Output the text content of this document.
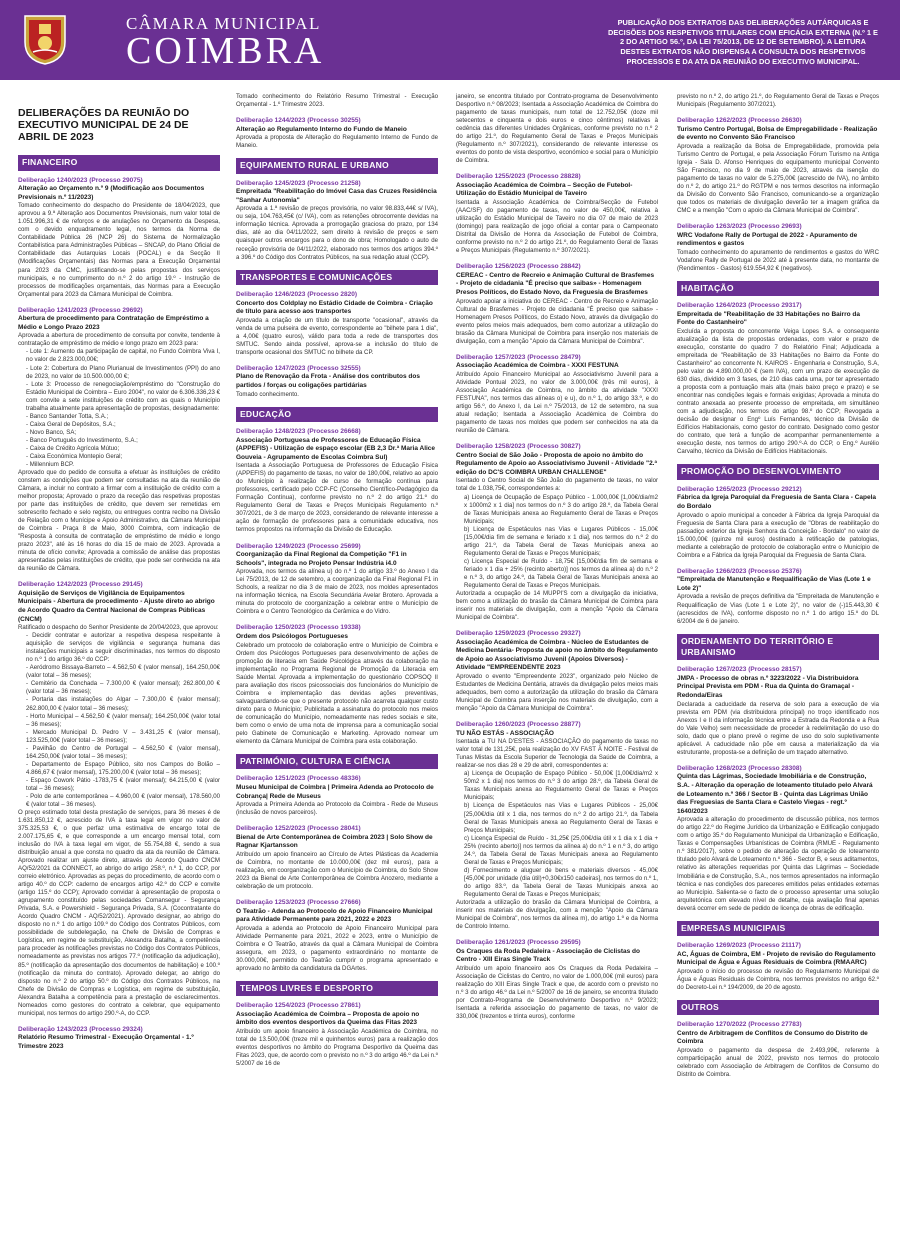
CÂMARA MUNICIPAL
COIMBRA
PUBLICAÇÃO DOS EXTRATOS DAS DELIBERAÇÕES AUTÁRQUICAS E DECISÕES DOS RESPETIVOS TITULARES COM EFICÁCIA EXTERNA (N.º 1 E 2 DO ARTIGO 56.º, DA LEI 75/2013, DE 12 DE SETEMBRO). A LEITURA DESTES EXTRATOS NÃO DISPENSA A CONSULTA DOS RESPETIVOS PROCESSOS E DA ATA DA REUNIÃO DO EXECUTIVO MUNICIPAL.
DELIBERAÇÕES DA REUNIÃO DO EXECUTIVO MUNICIPAL DE 24 DE ABRIL DE 2023
FINANCEIRO
Deliberação 1240/2023 (Processo 29075)
Alteração ao Orçamento n.º 9 (Modificação aos Documentos Previsionais n.º 11/2023)
Tomado conhecimento do despacho do Presidente de 18/04/2023, que aprovou a 9.ª Alteração aos Documentos Previsionais, num valor total de 1.051.996,31 € de reforços e de anulações no Orçamento da Despesa, com o devido enquadramento legal, nos termos da Norma de Contabilidade Pública 26 (NCP 26) do Sistema de Normalização Contabilística para Administrações Públicas – SNCAP, do Plano Oficial de Contabilidade das Autarquias Locais (POCAL) e da Secção II (Modificações Orçamentais) das Normas para a Execução Orçamental para 2023 da CMC, justificando-se pelas propostas dos serviços municipais, e no cumprimento do n.º 2 do artigo 19.º - Instrução de processos de modificações orçamentais, das Normas para a Execução Orçamental para 2023 da Câmara Municipal de Coimbra.
Deliberação 1241/2023 (Processo 29692)
Abertura de procedimento para Contratação de Empréstimo a Médio e Longo Prazo 2023
Aprovada a abertura de procedimento de consulta por convite, tendente à contratação de empréstimo de médio e longo prazo em 2023 para:
- Lote 1: Aumento da participação de capital, no Fundo Coimbra Viva I, no valor de 2.823.000,00€;
- Lote 2: Cobertura do Plano Plurianual de Investimentos (PPI) do ano de 2023, no valor de 10.500.000,00 €;
- Lote 3: Processo de renegociação/empréstimo do "Construção do Estádio Municipal de Coimbra – Euro 2004", no valor de 6.306.336,23 € com convite a sete instituições de crédito com as quais o Município trabalha atualmente para apresentação de propostas, designadamente:
- Banco Santander Totta, S.A.;
- Caixa Geral de Depósitos, S.A.;
- Novo Banco, SA;
- Banco Português do Investimento, S.A.;
- Caixa de Crédito Agrícola Mútuo;
- Caixa Económica Montepio Geral;
- Millennium BCP.
Aprovado que do pedido de consulta a efetuar às instituições de crédito constem as condições que podem ser consultadas na ata da reunião de Câmara, a incluir no contrato a firmar com a instituição de crédito com a melhor proposta; Aprovado o prazo da receção das respetivas propostas por parte das instituições de crédito, que devem ser remetidas em sobrescrito fechado e selo registo, ou entregues contra recibo na Divisão de Relação com o Munícipe e Apoio Administrativo, da Câmara Municipal de Coimbra - Praça 8 de Maio, 3000 Coimbra, com indicação de "Resposta à consulta de contratação de empréstimo de médio e longo prazo 2023", até às 16 horas do dia 15 de maio de 2023. Aprovada a minuta de ofício convite; Aprovada a comissão de análise das propostas apresentadas pelas instituições de crédito, que pode ser conhecida na ata da reunião de Câmara.
Deliberação 1242/2023 (Processo 29145)
Aquisição de Serviços de Vigilância de Equipamentos Municipais - Abertura de procedimento - Ajuste direto ao abrigo de Acordo Quadro da Central Nacional de Compras Públicas (CNCM)
Ratificado o despacho do Senhor Presidente de 20/04/2023, que aprovou:
- Decidir contratar e autorizar a respetiva despesa respeitante à aquisição de serviços de vigilância e segurança humana das instalações municipais a seguir discriminadas, nos termos do disposto no n.º 1 do artigo 36.º do CCP:
- Aeródromo Bissaya-Barreto – 4.562,50 € (valor mensal), 164.250,00€ (valor total – 36 meses);
- Cemitério da Conchada – 7.300,00 € (valor mensal); 262.800,00 € (valor total – 36 meses);
- Portaria das instalações do Algar – 7.300,00 € (valor mensal); 262.800,00 € (valor total – 36 meses);
- Horto Municipal – 4.562,50 € (valor mensal); 164.250,00€ (valor total – 36 meses);
- Mercado Municipal D. Pedro V – 3.431,25 € (valor mensal), 123.525,00€ (valor total – 36 meses);
- Pavilhão do Centro de Portugal – 4.562,50 € (valor mensal), 164.250,00€ (valor total – 36 meses);
- Departamento de Espaço Público, sito nos Campos do Bolão – 4.866,67 € (valor mensal), 175.200,00 € (valor total – 36 meses);
- Espaço Cowork Pátio -1783,75 € (valor mensal); 64.215,00 € (valor total – 36 meses);
- Polo de arte contemporânea – 4.960,00 € (valor mensal), 178.560,00 € (valor total – 36 meses).
O preço estimado total desta prestação de serviços, para 36 meses é de 1.631.850,12 €, acrescido de IVA à taxa legal em vigor no valor de 375.325,53 €, o que perfaz uma estimativa de encargo total de 2.007.175,65 €, e que corresponde a um encargo mensal total, com inclusão do IVA à taxa legal em vigor, de 55.754,88 €, sendo a sua distribuição anual a que consta no quadro da ata da reunião de Câmara. Aprovado realizar um ajuste direto, através do Acordo Quadro CNCM AQ/52/2021 da CONNECT, ao abrigo do artigo 258.º, n.º 1, do CCP, por correio eletrónico. Aprovadas as peças do procedimento, de acordo com o artigo 40.º do CCP: caderno de encargos artigo 42.º do CCP e convite (artigo 115.º do CCP); Aprovado convidar à apresentação de proposta o agrupamento constituído pelas sociedades Comansegur - Segurança Privada, S.A. e Powershield - Segurança Privada, S.A. (Cocontratante do Acordo Quadro CNCM - AQ/52/2021). Aprovado designar, ao abrigo do disposto no n.º 1 do artigo 109.º do Código dos Contratos Públicos, com possibilidade de subdelegação, na Chefe de Divisão de Compras e Logística, em regime de substituição, Alexandra Batalha, a competência para proceder às notificações previstas no Código dos Contratos Públicos, nomeadamente as previstas nos artigos 77.º (notificação da adjudicação), 85.º (notificação da apresentação dos documentos de habilitação) e 100.º (notificação da minuta do contrato). Aprovado delegar, ao abrigo do disposto no n.º 2 do artigo 50.º do Código dos Contratos Públicos, na Chefe de Divisão de Compras e Logística, em regime de substituição, Alexandra Batalha a competência para a prestação de esclarecimentos. Nomeados como gestores do contrato a celebrar, que equipamento municipal, nos termos do artigo 290.º-A, do CCP.
Deliberação 1243/2023 (Processo 29324)
Relatório Resumo Trimestral - Execução Orçamental - 1.º Trimestre 2023
Tomado conhecimento do Relatório Resumo Trimestral - Execução Orçamental - 1.º Trimestre 2023.
Deliberação 1244/2023 (Processo 30255)
Alteração ao Regulamento Interno do Fundo de Maneio
Aprovada a proposta de Alteração do Regulamento Interno de Fundo de Maneio.
EQUIPAMENTO RURAL E URBANO
Deliberação 1245/2023 (Processo 21258)
Empreitada "Reabilitação do Imóvel Casa das Cruzes Residência "Sanhar Autonomia"
Aprovada a 1.ª revisão de preços provisória, no valor 98.833,44€ s/ IVA), ou seja, 104.763,45€ (c/ IVA), com as retenções obrocorrente devidas na informação técnica. Aprovada a prorrogação graciosa do prazo, por 134 dias, até ao dia 04/11/2022, sem direito à revisão de preços e sem quaisquer outros encargos para o dono de obra; Homologado o auto de receção provisória de 04/11/2022, elaborado nos termos dos artigos 394.º a 396.º do Código dos Contratos Públicos, na sua redação atual (CCP).
TRANSPORTES E COMUNICAÇÕES
Deliberação 1246/2023 (Processo 2820)
Concerto dos Coldplay no Estádio Cidade de Coimbra - Criação de título para acesso aos transportes
Aprovada a criação de um título de transporte "ocasional", através da venda de uma pulseira de evento, correspondente ao "bilhete para 1 dia", a 4,00€ (quatro euros), válido para toda a rede de transportes dos SMTUC. Sendo ainda possível, aprova-se a inclusão do título de transporte ocasional dos SMTUC no bilhete da CP.
Deliberação 1247/2023 (Processo 32555)
Plano de Renovação da Frota - Análise dos contributos dos partidos / forças ou coligações partidárias
Tomado conhecimento.
EDUCAÇÃO
Deliberação 1248/2023 (Processo 26668)
Associação Portuguesa de Professores de Educação Física (APPEFIS) - Utilização de espaço escolar (EB 2,3 Dr.ª Maria Alice Gouveia - Agrupamento de Escolas Coimbra Sul)
Isentada a Associação Portuguesa de Professores de Educação Física (APPEFIS) do pagamento de taxas, no valor de 180,00€, relativo ao apoio do Município à realização de curso de formação contínua para professores, certificado pelo CCP-FC (Conselho Científico-Pedagógico da Formação Contínua), conforme previsto no n.º 2 do artigo 21.º do Regulamento Geral de Taxas e Preços Municipais Regulamento n.º 307/2021, de 3 de março de 2023, considerando de relevante interesse a ação de formação de professores para a comunidade educativa, nos termos propostos na informação da Divisão de Educação.
Deliberação 1249/2023 (Processo 25699)
Coorganização da Final Regional da Competição "F1 in Schools", integrada no Projeto Pensar Indústria i4.0
Aprovada, nos termos da alínea u) do n.º 1 do artigo 33.º do Anexo I da Lei 75/2013, de 12 de setembro, a coorganização da Final Regional F1 in Schools, a realizar no dia 3 de maio de 2023, nos moldes apresentados na informação técnica, na Escola Secundária Avelar Brotero. Aprovada a minuta do protocolo de coorganização a celebrar entre o Município de Coimbra e o Centro Tecnológico da Cerâmica e do Vidro.
Deliberação 1250/2023 (Processo 19338)
Ordem dos Psicólogos Portugueses
Celebrado um protocolo de colaboração entre o Município de Coimbra e Ordem dos Psicólogos Portugueses para desenvolvimento de ações de promoção de literacia em Saúde Psicológica através da colaboração na implementação no Programa Regional de Promoção da Literacia em Saúde Mental. Aprovada a implementação do questionário COPSOQ II para avaliação dos riscos psicossociais dos funcionários do Município de Coimbra e implementação das devidas ações preventivas, salvaguardando-se que o presente protocolo não acarreta qualquer custo direto para o Município; Publicitada a assinatura do protocolo nos meios de comunicação do Município, nomeadamente nas redes sociais e site, bem como o envio de uma nota de imprensa para a comunicação social pelo Gabinete de Comunicação e Marketing. Aprovado nomear um elemento da Câmara Municipal de Coimbra para esta colaboração.
PATRIMÓNIO, CULTURA E CIÊNCIA
Deliberação 1251/2023 (Processo 48336)
Museu Municipal de Coimbra | Primeira Adenda ao Protocolo de Cobrança| Rede de Museus
Aprovada a Primeira Adenda ao Protocolo da Coimbra - Rede de Museus (inclusão de novos parceiros).
Deliberação 1252/2023 (Processo 28041)
Bienal de Arte Contemporânea de Coimbra 2023 | Solo Show de Ragnar Kjartansson
Atribuído um apoio financeiro ao Círculo de Artes Plásticas da Academia de Coimbra, no montante de 10.000,00€ (dez mil euros), para a realização, em coorganização com o Município de Coimbra, do Solo Show 2023 da Bienal de Arte Contemporânea de Coimbra Anozero, mediante a celebração de um protocolo.
Deliberação 1253/2023 (Processo 27666)
O Teatrão - Adenda ao Protocolo de Apoio Financeiro Municipal para Atividade Permanente para 2021, 2022 e 2023
Aprovada a adenda ao Protocolo de Apoio Financeiro Municipal para Atividade Permanente para 2021, 2022 e 2023, entre o Município de Coimbra e O Teatrão, através da qual a Câmara Municipal de Coimbra assegura, em 2023, o pagamento extraordinário no montante de 30.000,00€, permitido do Teatrão cumprir o programa apresentado e aprovado no âmbito da candidatura da DGArtes.
TEMPOS LIVRES E DESPORTO
Deliberação 1254/2023 (Processo 27861)
Associação Académica de Coimbra – Proposta de apoio no âmbito dos eventos desportivos da Queima das Fitas 2023
Atribuído um apoio financeiro à Associação Académica de Coimbra, no total de 13.500,00€ (treze mil e quinhentos euros) para a realização dos eventos desportivos no âmbito do Programa Desportivo da Queima das Fitas 2023, que, de acordo com o previsto no n.º 3 do artigo 46.º da Lei n.º 5/2007 de 16 de
janeiro, se encontra titulado por Contrato-programa de Desenvolvimento Desportivo n.º 08/2023; Isentada a Associação Académica de Coimbra do pagamento de taxas municipais, num total de 12.752,05€ (doze mil setecentos e cinquenta e dois euros e cinco cêntimos) relativas à cedência das diferentes Unidades Orgânicas, conforme previsto no n.º 2 do artigo 21.º, do Regulamento Geral de Taxas e Preços Municipais (Regulamento n.º 307/2021), considerando de relevante interesse os eventos do ponto de vista desportivo, económico e social para o Município de Coimbra.
Deliberação 1255/2023 (Processo 28828)
Associação Académica de Coimbra – Secção de Futebol-Utilização do Estádio Municipal de Taveiro
Isentada a Associação Académica de Coimbra/Secção de Futebol (AAC/SF) do pagamento de taxas, no valor de 450,00€, relativa à utilização do Estádio Municipal de Taveiro no dia 07 de maio de 2023 (domingo) para realização de jogo oficial a contar para o Campeonato Distrital da Divisão de Honra da Associação de Futebol de Coimbra, conforme previsto no n.º 2 do artigo 21.º, do Regulamento Geral de Taxas e Preços Municipais (Regulamento n.º 307/2021).
Deliberação 1256/2023 (Processo 28842)
CEREAC - Centro de Recreio e Animação Cultural de Brasfemes - Projeto de cidadania "É preciso que saibas» - Homenagem Presos Políticos, do Estado Novo, da Freguesia de Brasfemes
Aprovado apoiar a iniciativa do CEREAC - Centro de Recreio e Animação Cultural de Brasfemes - Projeto de cidadania "É preciso que saibas» - Homenagem Presos Políticos, do Estado Novo, através da divulgação do evento pelos meios mais adequados, bem como autorizar a utilização do brasão da Câmara Municipal de Coimbra para inserção nos materiais de divulgação, com a menção "Apoio da Câmara Municipal de Coimbra".
Deliberação 1257/2023 (Processo 28479)
Associação Académica de Coimbra - XXXI FESTUNA
Atribuído Apoio Financeiro Municipal ao Associativismo Juvenil para a Atividade Pontual 2023, no valor de 3.000,00€ (três mil euros), à Associação Académica de Coimbra, no âmbito da atividade "XXXI FESTUNA", nos termos das alíneas o) e u), do n.º 1, do artigo 33.º, e do artigo 56.º, do Anexo I, da Lei n.º 75/2013, de 12 de setembro, na sua atual redação; Isentada a Associação Académica de Coimbra do pagamento de taxas nos moldes que podem ser conhecidos na ata da reunião de Câmara.
Deliberação 1258/2023 (Processo 30827)
Centro Social de São João - Proposta de apoio no âmbito do Regulamento de Apoio ao Associativismo Juvenil - Atividade "2.ª edição do DC'S COIMBRA URBAN CHALLENGE"
Isentado o Centro Social de São João do pagamento de taxas, no valor total de 1.038,75€, correspondentes a:
a) Licença de Ocupação de Espaço Público - 1.000,00€ [1,00€/dia/m2 x 1000m2 x 1 dia] nos termos do n.º 3 do artigo 28.º, da Tabela Geral de Taxas Municipais anexa ao Regulamento Geral de Taxas e Preços Municipais;
b) Licença de Espetáculos nas Vias e Lugares Públicos - 15,00€ [15,00€/dia fim de semana e feriado x 1 dia], nos termos do n.º 2 do artigo 21.º, da Tabela Geral de Taxas Municipais anexa ao Regulamento Geral de Taxas e Preços Municipais;
c) Licença Especial de Ruído - 18,75€ [15,00€/dia fim de semana e feriado x 1 dia + 25% (recinto aberto)] nos termos da alínea a) do n.º 2 e n.º 3, do artigo 24.º, da Tabela Geral de Taxas Municipais anexa ao Regulamento Geral de Taxas e Preços Municipais.
Autorizada a ocupação de 14 MUPPI'S com a divulgação da iniciativa, bem como a utilização do brasão da Câmara Municipal de Coimbra para inserir nos materiais de divulgação, com a menção "Apoio da Câmara Municipal de Coimbra".
Deliberação 1259/2023 (Processo 29327)
Associação Académica de Coimbra - Núcleo de Estudantes de Medicina Dentária- Proposta de apoio no âmbito do Regulamento de Apoio ao Associativismo Juvenil (Apoios Diversos) - Atividade "EMPREENDENTE 2023
Aprovado o evento "Empreendente 2023", organizado pelo Núcleo de Estudantes de Medicina Dentária, através da divulgação pelos meios mais adequados, bem como a autorização da utilização do brasão da Câmara Municipal de Coimbra para inserção nos materiais de divulgação, com a menção "Apoio da Câmara Municipal de Coimbra".
Deliberação 1260/2023 (Processo 28877)
TU NÃO ESTÁS - ASSOCIAÇÃO
Isentada a TU NA D'ESTES - ASSOCIAÇÃO do pagamento de taxas no valor total de 131,25€, pela realização do XV FAST À NOITE - Festival de Tunas Mistas da Escola Superior de Tecnologia da Saúde de Coimbra, a realizar-se nos dias 28 e 29 de abril, correspondentes a:
a) Licença de Ocupação de Espaço Público - 50,00€ [1,00€/dia/m2 x 50m2 x 1 dia] nos termos do n.º 3 do artigo 28.º, da Tabela Geral de Taxas Municipais anexa ao Regulamento Geral de Taxas e Preços Municipais;
b) Licença de Espetáculos nas Vias e Lugares Públicos - 25,00€ [25,00€/dia útil x 1 dia, nos termos do n.º 2 do artigo 21.º, da Tabela Geral de Taxas Municipais anexa ao Regulamento Geral de Taxas e Preços Municipais;
c) Licença Especial de Ruído - 31,25€ [25,00€/dia útil x 1 dia x 1 dia + 25% (recinto aberto)] nos termos da alínea a) do n.º 1 e n.º 3, do artigo 24.º, da Tabela Geral de Taxas Municipais anexa ao Regulamento Geral de Taxas e Preços Municipais;
d) Fornecimento e aluguer de bens e materiais diversos - 45,00€ [45,00€ por unidade (dia útil)+0,30€x150 cadeiras], nos termos do n.º 1, do artigo 83.º, da Tabela Geral de Taxas Municipais anexa ao Regulamento Geral de Taxas e Preços Municipais;
Autorizada a utilização do brasão da Câmara Municipal de Coimbra, a inserir nos materiais de divulgação, com a menção "Apoio da Câmara Municipal de Coimbra", nos termos da alínea m), do artigo 1.º e da Norma de Controlo Interno.
Deliberação 1261/2023 (Processo 29595)
Os Craques da Roda Pedaleira - Associação de Ciclistas do Centro - XIII Eiras Single Track
Atribuído um apoio financeiro aos Os Craques da Roda Pedaleira – Associação de Ciclistas do Centro, no valor de 1.000,00€ (mil euros) para realização do XIII Eiras Single Track e que, de acordo com o previsto no n.º 3 do artigo 46.º da Lei n.º 5/2007 de 16 de janeiro, se encontra titulado por Contrato-Programa de Desenvolvimento Desportivo n.º 9/2023; Isentada a referida associação do pagamento de taxas, no valor de 330,00€ (trezentos e trinta euros), conforme
previsto no n.º 2, do artigo 21.º, do Regulamento Geral de Taxas e Preços Municipais (Regulamento 307/2021).
Deliberação 1262/2023 (Processo 26630)
Turismo Centro Portugal, Bolsa de Empregabilidade - Realização de evento no Convento São Francisco
Aprovada a realização da Bolsa de Empregabilidade, promovida pela Turismo Centro de Portugal, e pela Associação Fórum Turismo na Antiga Igreja - Sala D. Afonso Henriques do equipamento municipal Convento São Francisco, no dia 9 de maio de 2023, através da isenção do pagamento de taxas no valor de 5.275,00€ (acrescido de IVA), no âmbito do n.º 2, do artigo 21.º do RGTPM e nos termos descritos na informação da Divisão do Convento São Francisco, comunicando-se a organização que todos os materiais de divulgação deverão ter a imagem gráfica da CMC e a menção "Com o apoio da Câmara Municipal de Coimbra".
Deliberação 1263/2023 (Processo 29693)
WRC Vodafone Rally de Portugal de 2022 - Apuramento de rendimentos e gastos
Tomado conhecimento do apuramento de rendimentos e gastos do WRC Vodafone Rally de Portugal de 2022 até à presente data, no montante de (Rendimentos - Gastos) 619.554,92 € (negativos).
HABITAÇÃO
Deliberação 1264/2023 (Processo 29317)
Empreitada de "Reabilitação de 33 Habitações no Bairro da Fonte do Castanheiro"
Excluída a proposta do concorrente Veiga Lopes S.A. e consequente atualização da lista de propostas ordenadas, com valor e prazo de execução, constante do quadro 7 do Relatório Final; Adjudicada a empreitada de "Reabilitação de 33 Habitações no Bairro da Fonte do Castanheiro" ao concorrente N. KAIROS - Engenharia e Construção, S.A, pelo valor de 4.890.000,00 € (sem IVA), com um prazo de execução de 630 dias, dividido em 3 fases, de 210 dias cada uma, por ter apresentado a proposta com a pontuação mais alta (mais baixo preço e prazo) e se encontrar nas condições legais e formais exigidas; Aprovada a minuta do contrato anexada ao presente processo de empreitada, em simultâneo com a adjudicação, nos termos do artigo 98.º do CCP; Revogada a decisão de designar o Engº Luís Fernandes, técnico da Divisão de Edifícios Habitacionais, como gestor do contrato. Designado como gestor do contrato, que terá a função de acompanhar permanentemente a execução deste, nos termos do artigo 290.º-A do CCP, o Eng.º Aurélio Carvalho, técnico da Divisão de Edifícios Habitacionais.
PROMOÇÃO DO DESENVOLVIMENTO
Deliberação 1265/2023 (Processo 29212)
Fábrica da Igreja Paroquial da Freguesia de Santa Clara - Capela do Bordalo
Aprovado o apoio municipal a conceder à Fábrica da Igreja Paroquial da Freguesia de Santa Clara para a execução de "Obras de reabilitação do passadiço exterior da Igreja Senhora da Conceição - Bordalo" no valor de 15.000,00€ (quinze mil euros) destinado à retificação de patologias, mediante a celebração de protocolo de colaboração entre o Município de Coimbra e a Fábrica da Igreja Paroquial da Freguesia de Santa Clara.
Deliberação 1266/2023 (Processo 25376)
"Empreitada de Manutenção e Requalificação de Vias (Lote 1 e Lote 2)"
Aprovada a revisão de preços definitiva da "Empreitada de Manutenção e Requalificação de Vias (Lote 1 e Lote 2)", no valor de (-)15.443,30 € (acrescidos de IVA), conforme disposto no n.º 1 do artigo 15.º do DL 6/2004 de 6 de janeiro.
ORDENAMENTO DO TERRITÓRIO E URBANISMO
Deliberação 1267/2023 (Processo 28157)
JMPA - Processo de obras n.º 3223/2022 - Via Distribuidora Principal Prevista em PDM - Rua da Quinta do Gramaçal - Redonda/Eiras
Declarada a caducidade da reserva de solo para a execução de via prevista em PDM (via distribuidora principal) no troço identificado nos Anexos I e II da informação técnica entre a Estrada da Redonda e a Rua do Vale Velho) sem necessidade de proceder à redelimitação do uso do solo, dado que o plano prevê o regime de uso do solo supletivamente aplicável. A caducidade não põe em causa a materialização da via estruturante, proposta-se a definição de um traçado alternativo.
Deliberação 1268/2023 (Processo 28308)
Quinta das Lágrimas, Sociedade Imobiliária e de Construção, S.A. - Alteração da operação de loteamento titulado pelo Alvará de Loteamento n.º 366 / Sector B - Quinta das Lágrimas União das Freguesias de Santa Clara e Castelo Viegas - regt.º 1640/2023
Aprovada a alteração do procedimento de discussão pública, nos termos do artigo 22.º do Regime Jurídico da Urbanização e Edificação conjugado com o artigo 35.º do Regulamento Municipal da Urbanização e Edificação, Taxas e Compensações Urbanísticas de Coimbra (RMUE - Regulamento n.º 381/2017), sobre o pedido de alteração da operação de loteamento titulado pelo Alvará de Loteamento n.º 366 - Sector B, e seus aditamentos, relativo às alterações requeridas por Quinta das Lágrimas – Sociedade Imobiliária e de Construção, S.A., nos termos apresentados na informação técnica e nas condições dos pareceres emitidos pelas entidades externas ao Município. Salienta-se o facto de o processo apresentar uma solução arquitetónica com elevado nível de detalhe, cuja avaliação final apenas deverá ocorrer em sede de pedido de licença de obras de edificação.
EMPRESAS MUNICIPAIS
Deliberação 1269/2023 (Processo 21117)
AC, Águas de Coimbra, EM - Projeto de revisão do Regulamento Municipal de Água e Águas Residuais de Coimbra (RMAARC)
Aprovado o início do processo de revisão do Regulamento Municipal de Água e Águas Residuais de Coimbra, nos termos previstos no artigo 62.º do Decreto-Lei n.º 194/2009, de 20 de agosto.
OUTROS
Deliberação 1270/2022 (Processo 27783)
Centro de Arbitragem de Conflitos de Consumo do Distrito de Coimbra
Aprovado o pagamento da despesa de 2.493,99€, referente à comparticipação anual de 2022, previsto nos termos do protocolo celebrado com Associação de Arbitragem de Conflitos de Consumo do Distrito de Coimbra.
